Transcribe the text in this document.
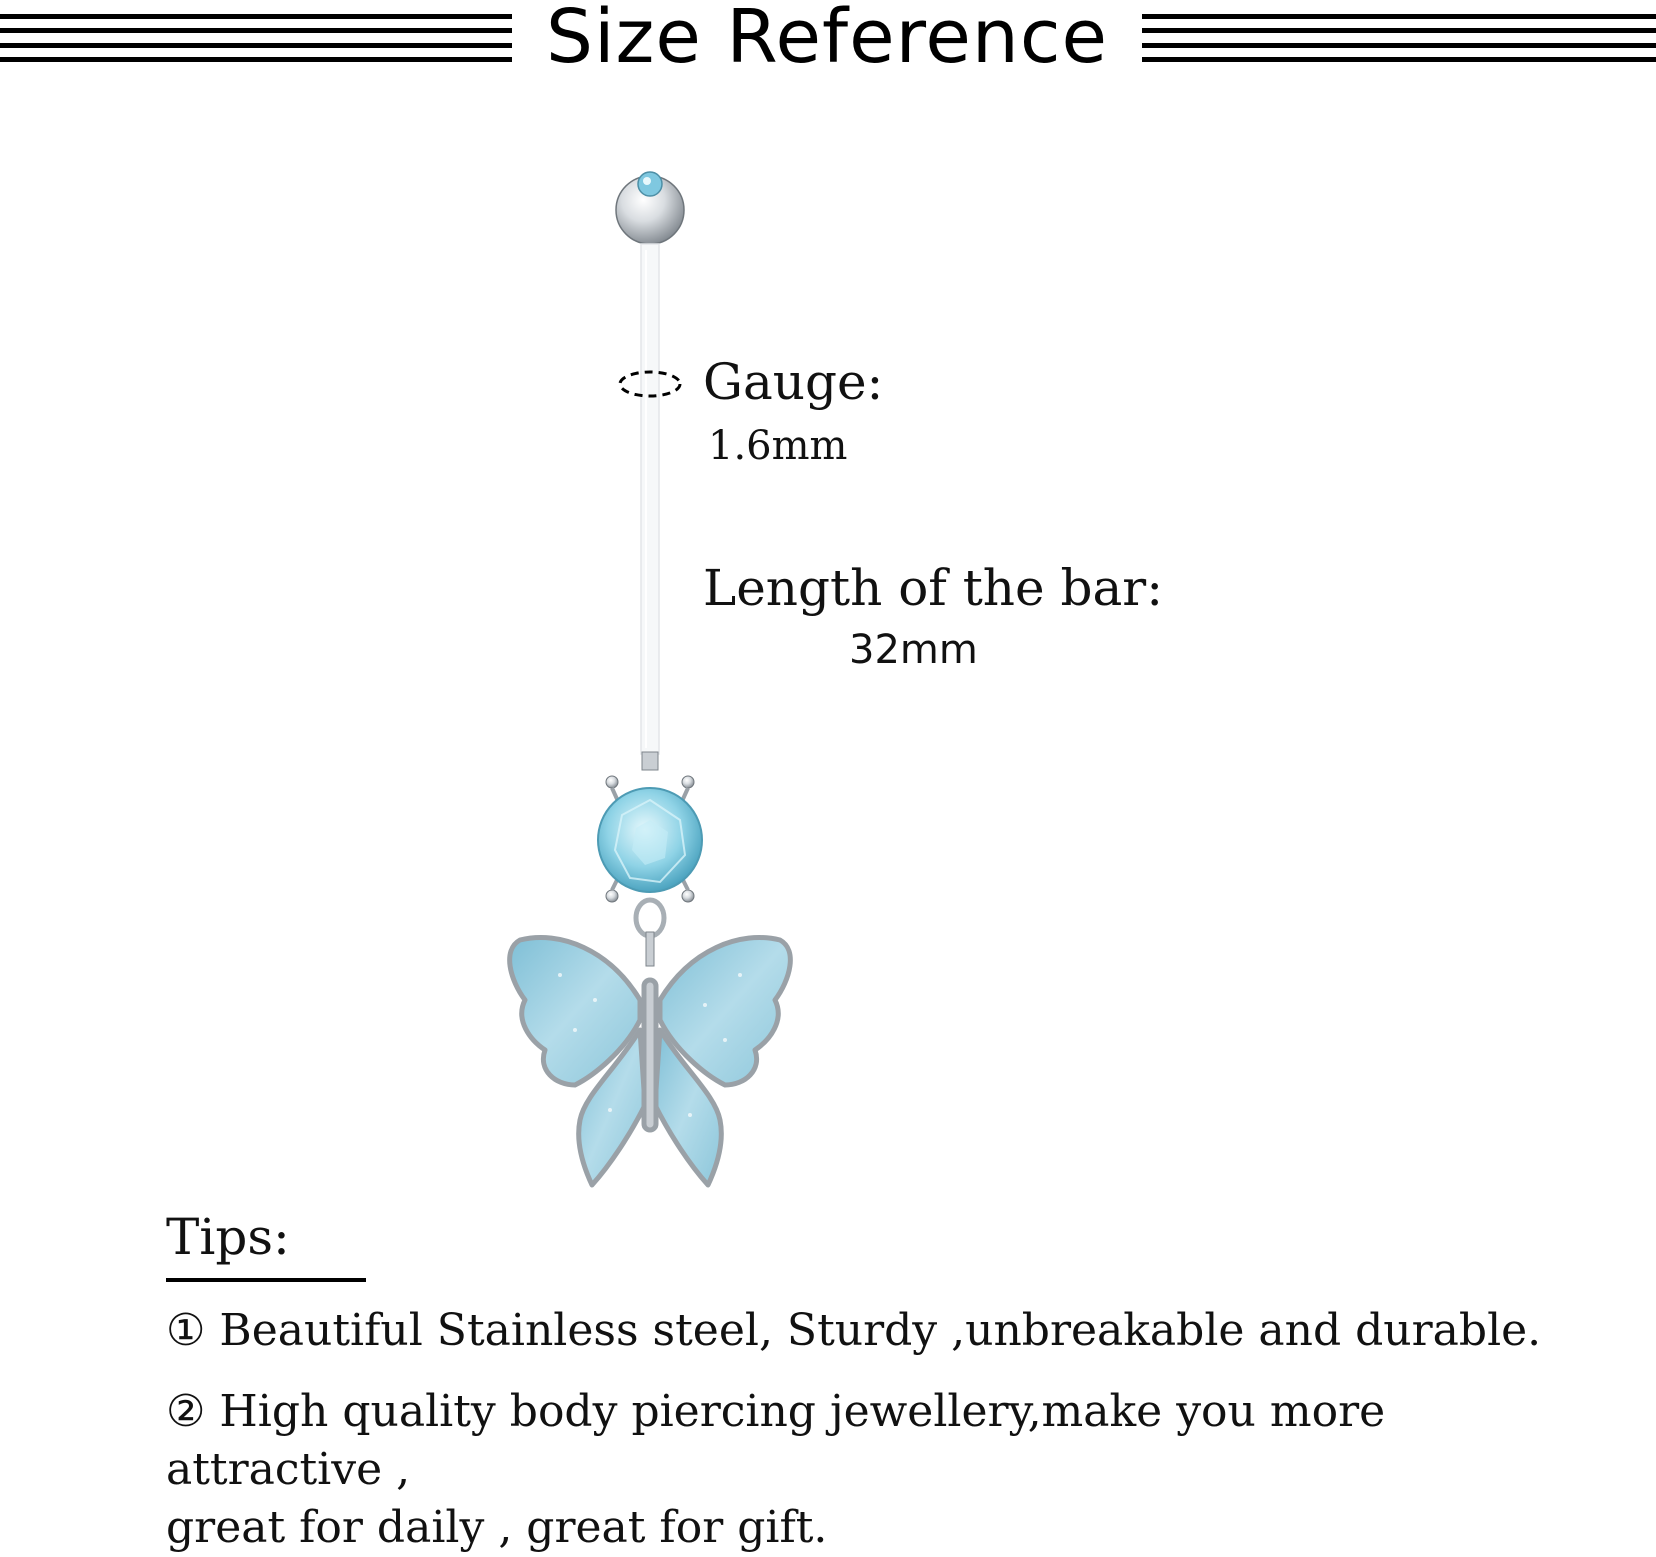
Size Reference
Gauge:
1.6mm
Length of the bar:
32mm
Tips:
① Beautiful Stainless steel, Sturdy ,unbreakable and durable.
② High quality body piercing jewellery,make you more attractive ,
great for daily , great for gift.
